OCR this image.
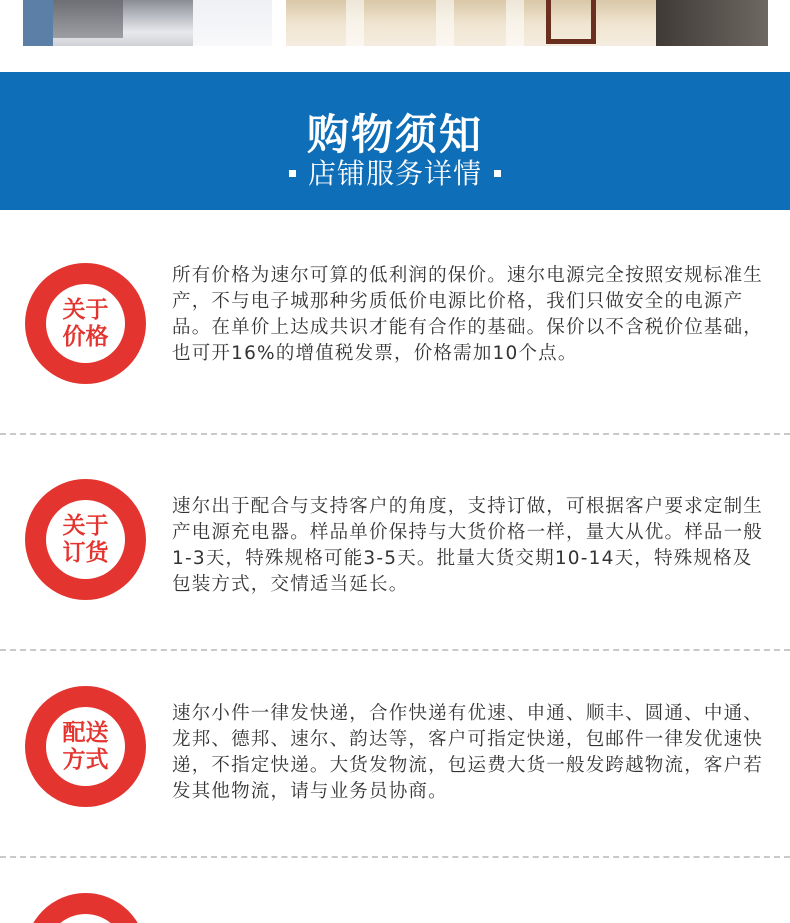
购物须知
店铺服务详情
关于价格
所有价格为速尔可算的低利润的保价。速尔电源完全按照安规标准生产，不与电子城那种劣质低价电源比价格，我们只做安全的电源产品。在单价上达成共识才能有合作的基础。保价以不含税价位基础，也可开16%的增值税发票，价格需加10个点。
关于订货
速尔出于配合与支持客户的角度，支持订做，可根据客户要求定制生产电源充电器。样品单价保持与大货价格一样，量大从优。样品一般1-3天，特殊规格可能3-5天。批量大货交期10-14天，特殊规格及包装方式，交情适当延长。
配送方式
速尔小件一律发快递，合作快递有优速、申通、顺丰、圆通、中通、龙邦、德邦、速尔、韵达等，客户可指定快递，包邮件一律发优速快递，不指定快递。大货发物流，包运费大货一般发跨越物流，客户若发其他物流，请与业务员协商。
